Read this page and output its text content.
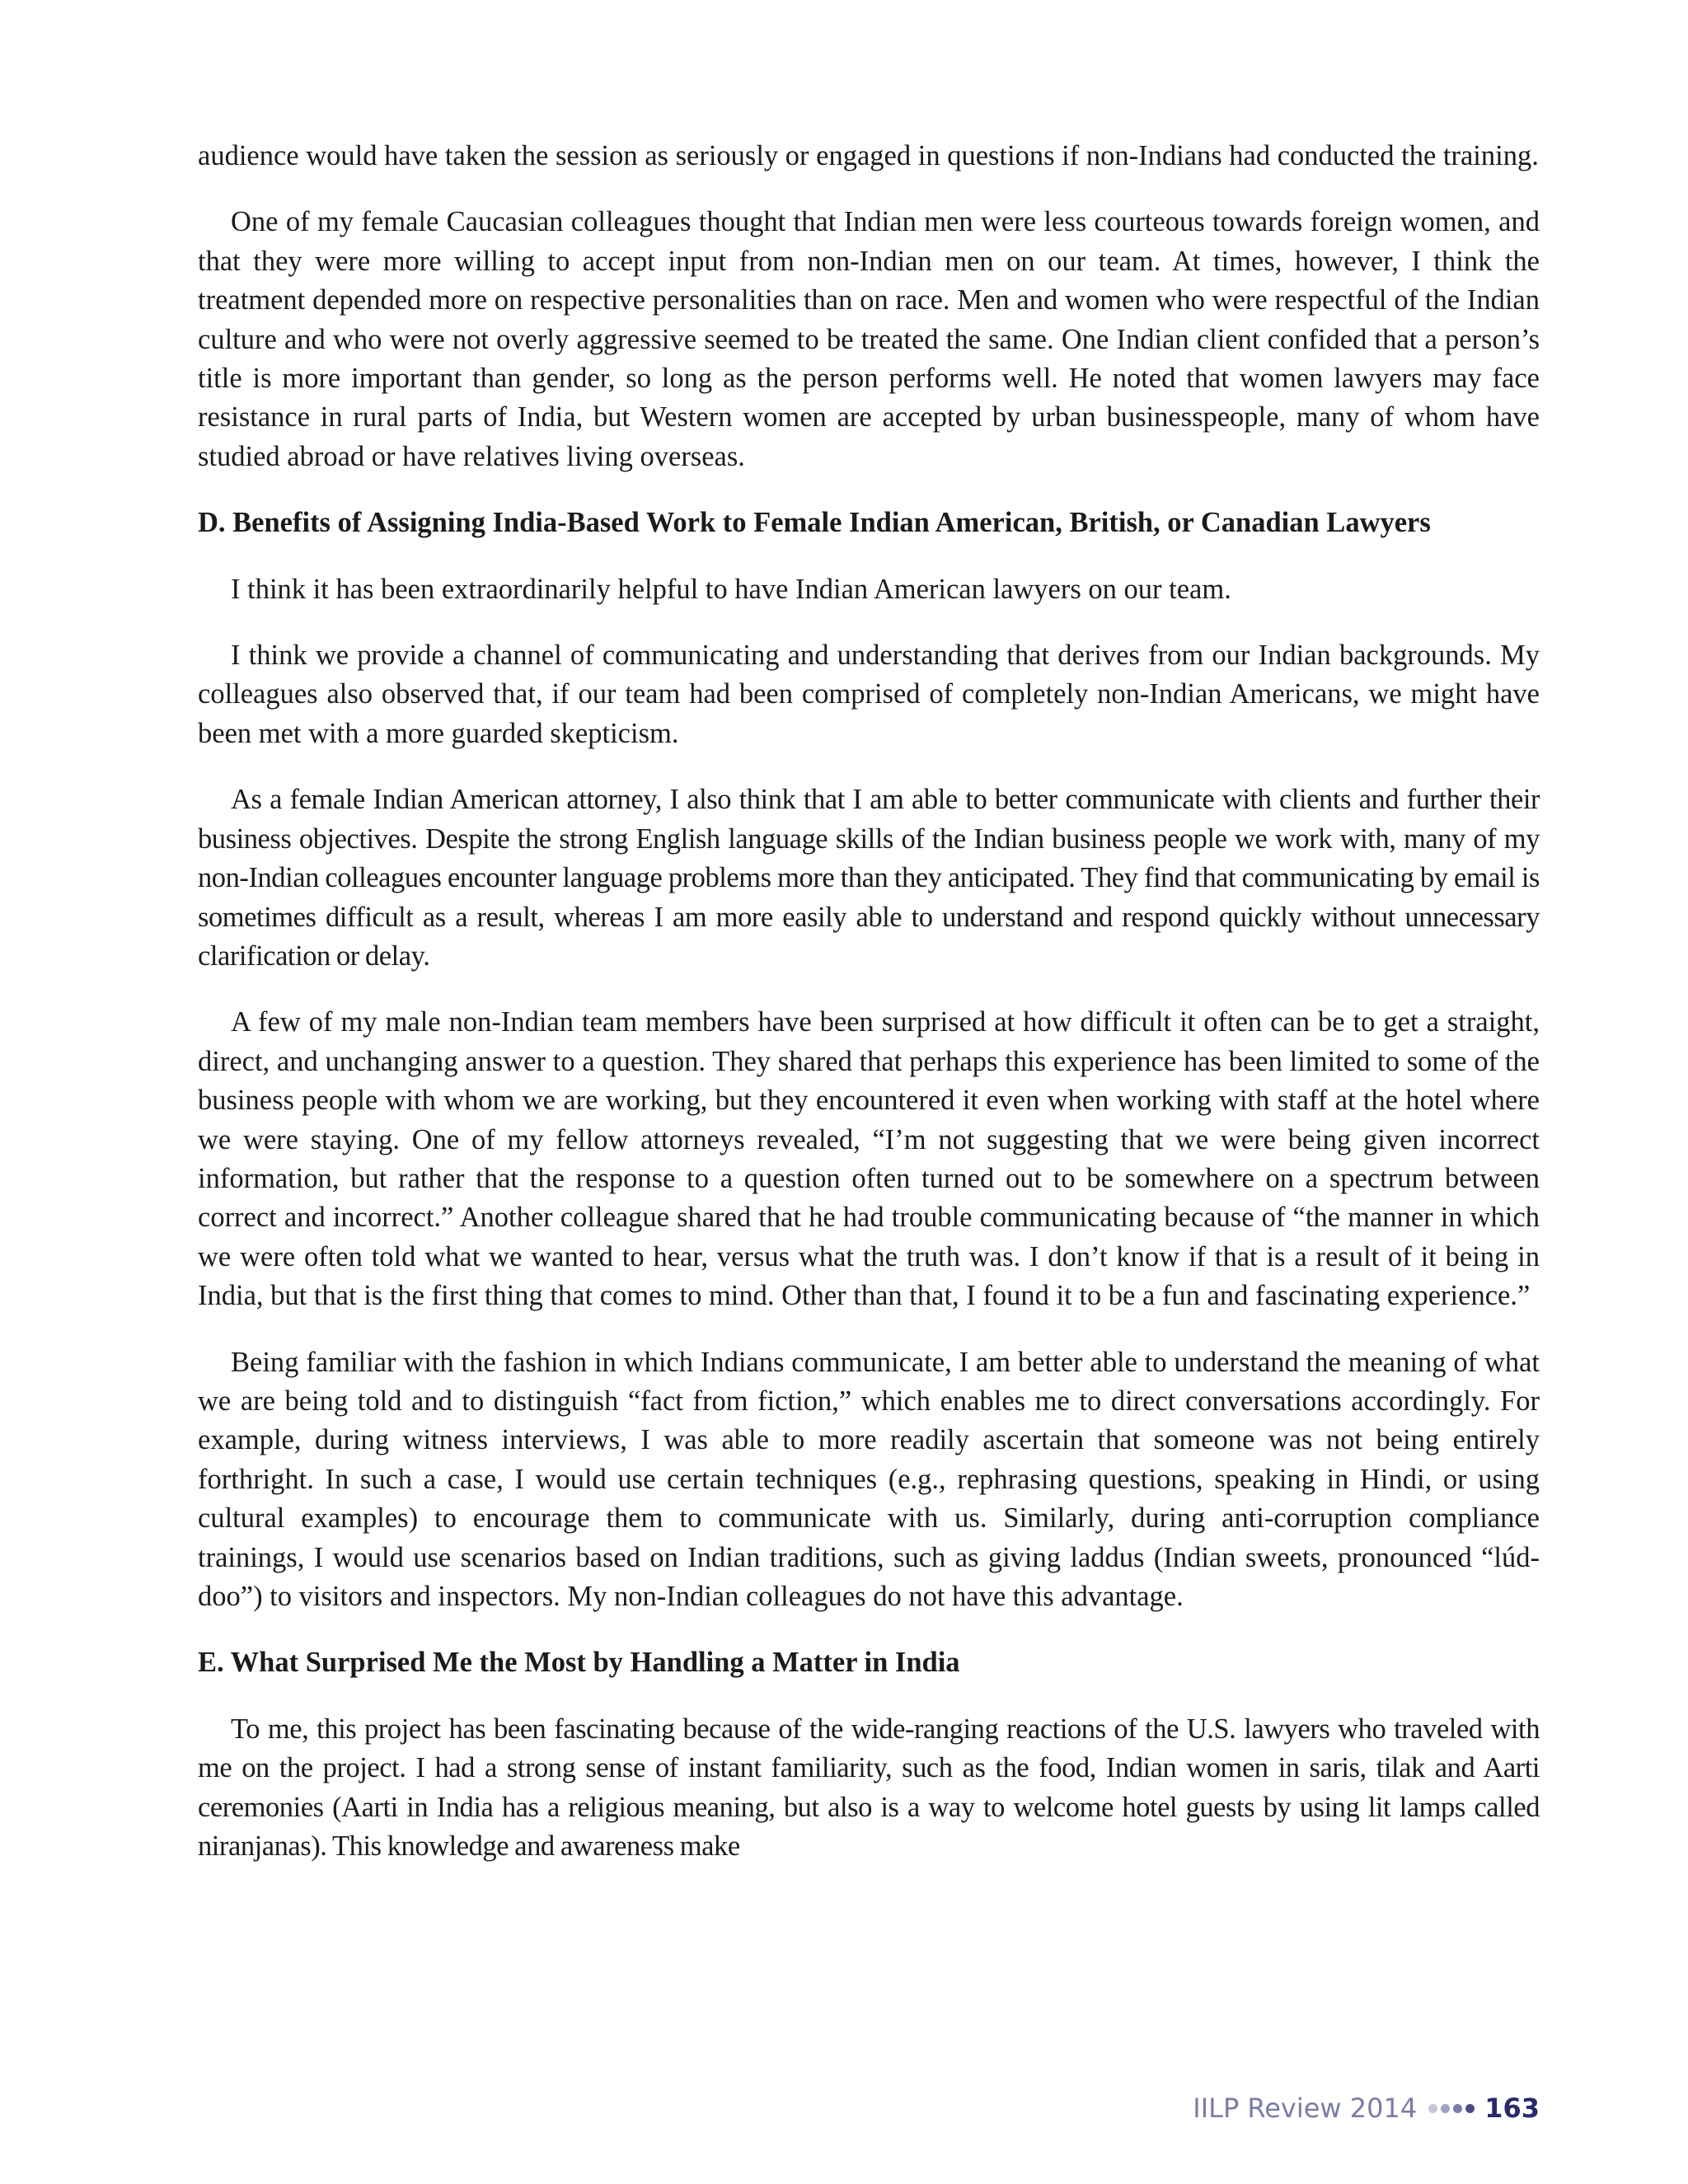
audience would have taken the session as seriously or engaged in questions if non-Indians had conducted the training.

One of my female Caucasian colleagues thought that Indian men were less courteous towards foreign women, and that they were more willing to accept input from non-Indian men on our team. At times, however, I think the treatment depended more on respective personalities than on race. Men and women who were respectful of the Indian culture and who were not overly aggressive seemed to be treated the same. One Indian client confided that a person’s title is more important than gender, so long as the person performs well. He noted that women lawyers may face resistance in rural parts of India, but Western women are accepted by urban businesspeople, many of whom have studied abroad or have relatives living overseas.

D. Benefits of Assigning India-Based Work to Female Indian American, British, or Canadian Lawyers

I think it has been extraordinarily helpful to have Indian American lawyers on our team.

I think we provide a channel of communicating and understanding that derives from our Indian backgrounds. My colleagues also observed that, if our team had been comprised of completely non-Indian Americans, we might have been met with a more guarded skepticism.

As a female Indian American attorney, I also think that I am able to better communicate with clients and further their business objectives. Despite the strong English language skills of the Indian business people we work with, many of my non-Indian colleagues encounter language problems more than they anticipated. They find that communicating by email is sometimes difficult as a result, whereas I am more easily able to understand and respond quickly without unnecessary clarification or delay.

A few of my male non-Indian team members have been surprised at how difficult it often can be to get a straight, direct, and unchanging answer to a question. They shared that perhaps this experience has been limited to some of the business people with whom we are working, but they encountered it even when working with staff at the hotel where we were staying. One of my fellow attorneys revealed, “I’m not suggesting that we were being given incorrect information, but rather that the response to a question often turned out to be somewhere on a spectrum between correct and incorrect.” Another colleague shared that he had trouble communicating because of “the manner in which we were often told what we wanted to hear, versus what the truth was. I don’t know if that is a result of it being in India, but that is the first thing that comes to mind. Other than that, I found it to be a fun and fascinating experience.”

Being familiar with the fashion in which Indians communicate, I am better able to understand the meaning of what we are being told and to distinguish “fact from fiction,” which enables me to direct conversations accordingly. For example, during witness interviews, I was able to more readily ascertain that someone was not being entirely forthright. In such a case, I would use certain techniques (e.g., rephrasing questions, speaking in Hindi, or using cultural examples) to encourage them to communicate with us. Similarly, during anti-corruption compliance trainings, I would use scenarios based on Indian traditions, such as giving laddus (Indian sweets, pronounced “lúd-doo”) to visitors and inspectors. My non-Indian colleagues do not have this advantage.

E. What Surprised Me the Most by Handling a Matter in India

To me, this project has been fascinating because of the wide-ranging reactions of the U.S. lawyers who traveled with me on the project. I had a strong sense of instant familiarity, such as the food, Indian women in saris, tilak and Aarti ceremonies (Aarti in India has a religious meaning, but also is a way to welcome hotel guests by using lit lamps called niranjanas). This knowledge and awareness make

IILP Review 2014	163
